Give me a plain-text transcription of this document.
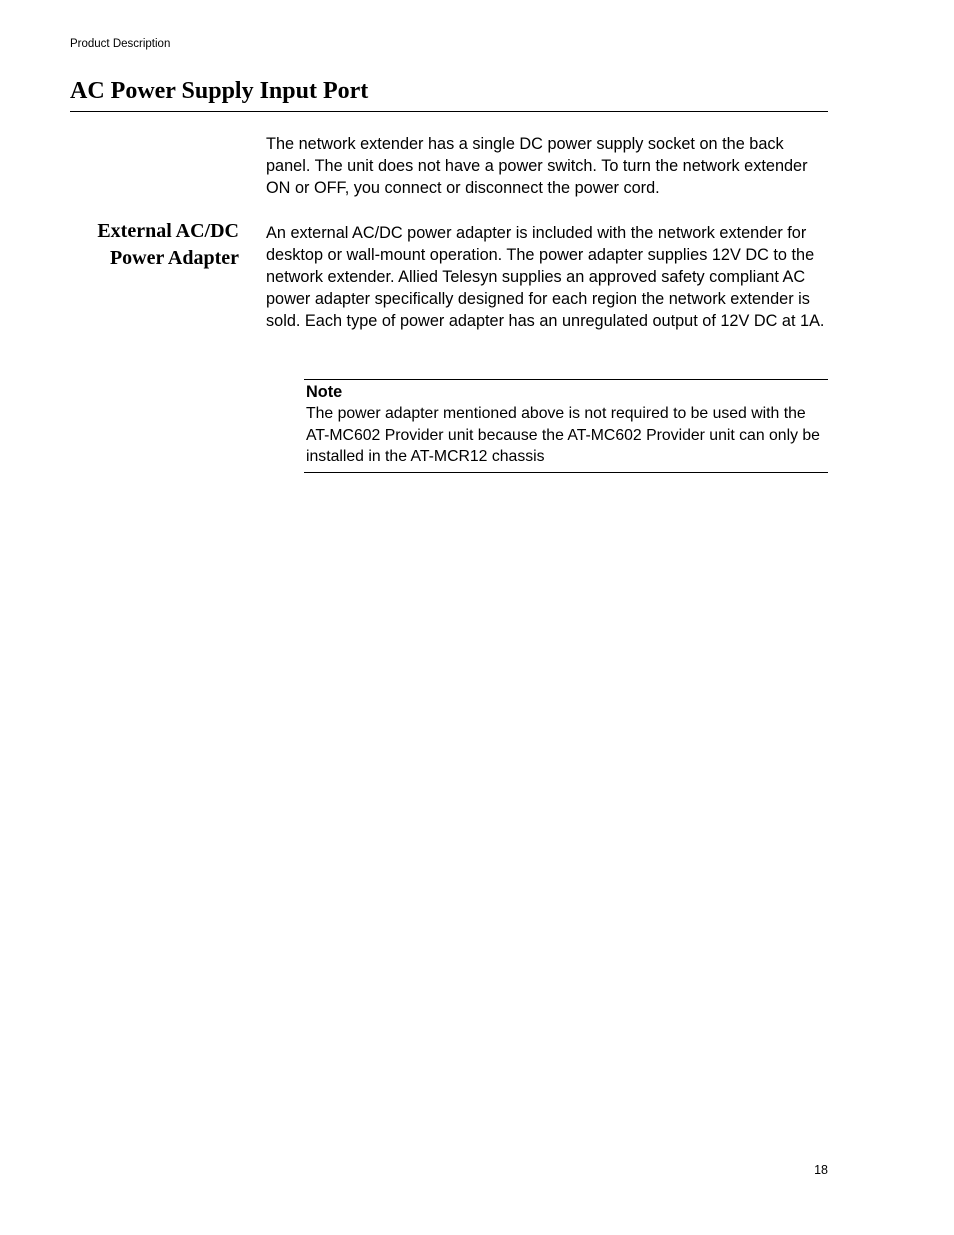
Product Description
AC Power Supply Input Port

The network extender has a single DC power supply socket on the back panel. The unit does not have a power switch. To turn the network extender ON or OFF, you connect or disconnect the power cord.

External AC/DC
Power Adapter

An external AC/DC power adapter is included with the network extender for desktop or wall-mount operation. The power adapter supplies 12V DC to the network extender. Allied Telesyn supplies an approved safety compliant AC power adapter specifically designed for each region the network extender is sold. Each type of power adapter has an unregulated output of 12V DC at 1A.

Note

The power adapter mentioned above is not required to be used with the AT-MC602 Provider unit because the AT-MC602 Provider unit can only be installed in the AT-MCR12 chassis

18
